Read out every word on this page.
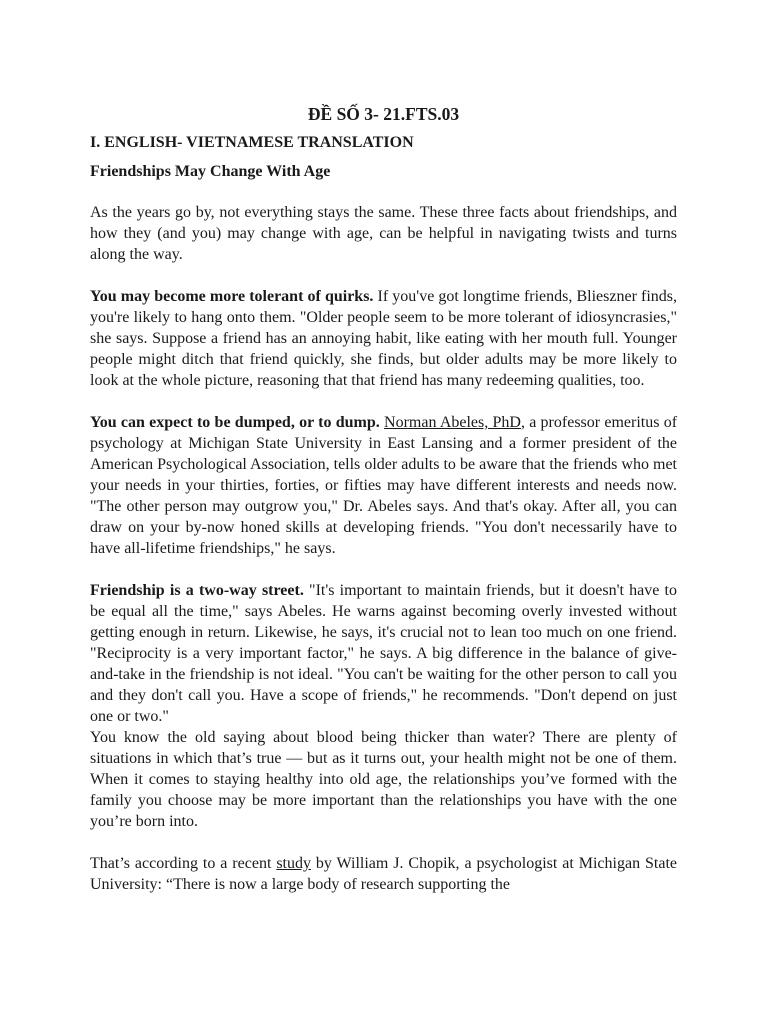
ĐỀ SỐ 3- 21.FTS.03
I. ENGLISH- VIETNAMESE TRANSLATION
Friendships May Change With Age

As the years go by, not everything stays the same. These three facts about friendships, and how they (and you) may change with age, can be helpful in navigating twists and turns along the way.

You may become more tolerant of quirks. If you've got longtime friends, Blieszner finds, you're likely to hang onto them. "Older people seem to be more tolerant of idiosyncrasies," she says. Suppose a friend has an annoying habit, like eating with her mouth full. Younger people might ditch that friend quickly, she finds, but older adults may be more likely to look at the whole picture, reasoning that that friend has many redeeming qualities, too.

You can expect to be dumped, or to dump. Norman Abeles, PhD, a professor emeritus of psychology at Michigan State University in East Lansing and a former president of the American Psychological Association, tells older adults to be aware that the friends who met your needs in your thirties, forties, or fifties may have different interests and needs now. "The other person may outgrow you," Dr. Abeles says. And that's okay. After all, you can draw on your by-now honed skills at developing friends. "You don't necessarily have to have all-lifetime friendships," he says.

Friendship is a two-way street. "It's important to maintain friends, but it doesn't have to be equal all the time," says Abeles. He warns against becoming overly invested without getting enough in return. Likewise, he says, it's crucial not to lean too much on one friend. "Reciprocity is a very important factor," he says. A big difference in the balance of give-and-take in the friendship is not ideal. "You can't be waiting for the other person to call you and they don't call you. Have a scope of friends," he recommends. "Don't depend on just one or two."

You know the old saying about blood being thicker than water? There are plenty of situations in which that’s true — but as it turns out, your health might not be one of them. When it comes to staying healthy into old age, the relationships you’ve formed with the family you choose may be more important than the relationships you have with the one you’re born into.

That’s according to a recent study by William J. Chopik, a psychologist at Michigan State University: “There is now a large body of research supporting the
